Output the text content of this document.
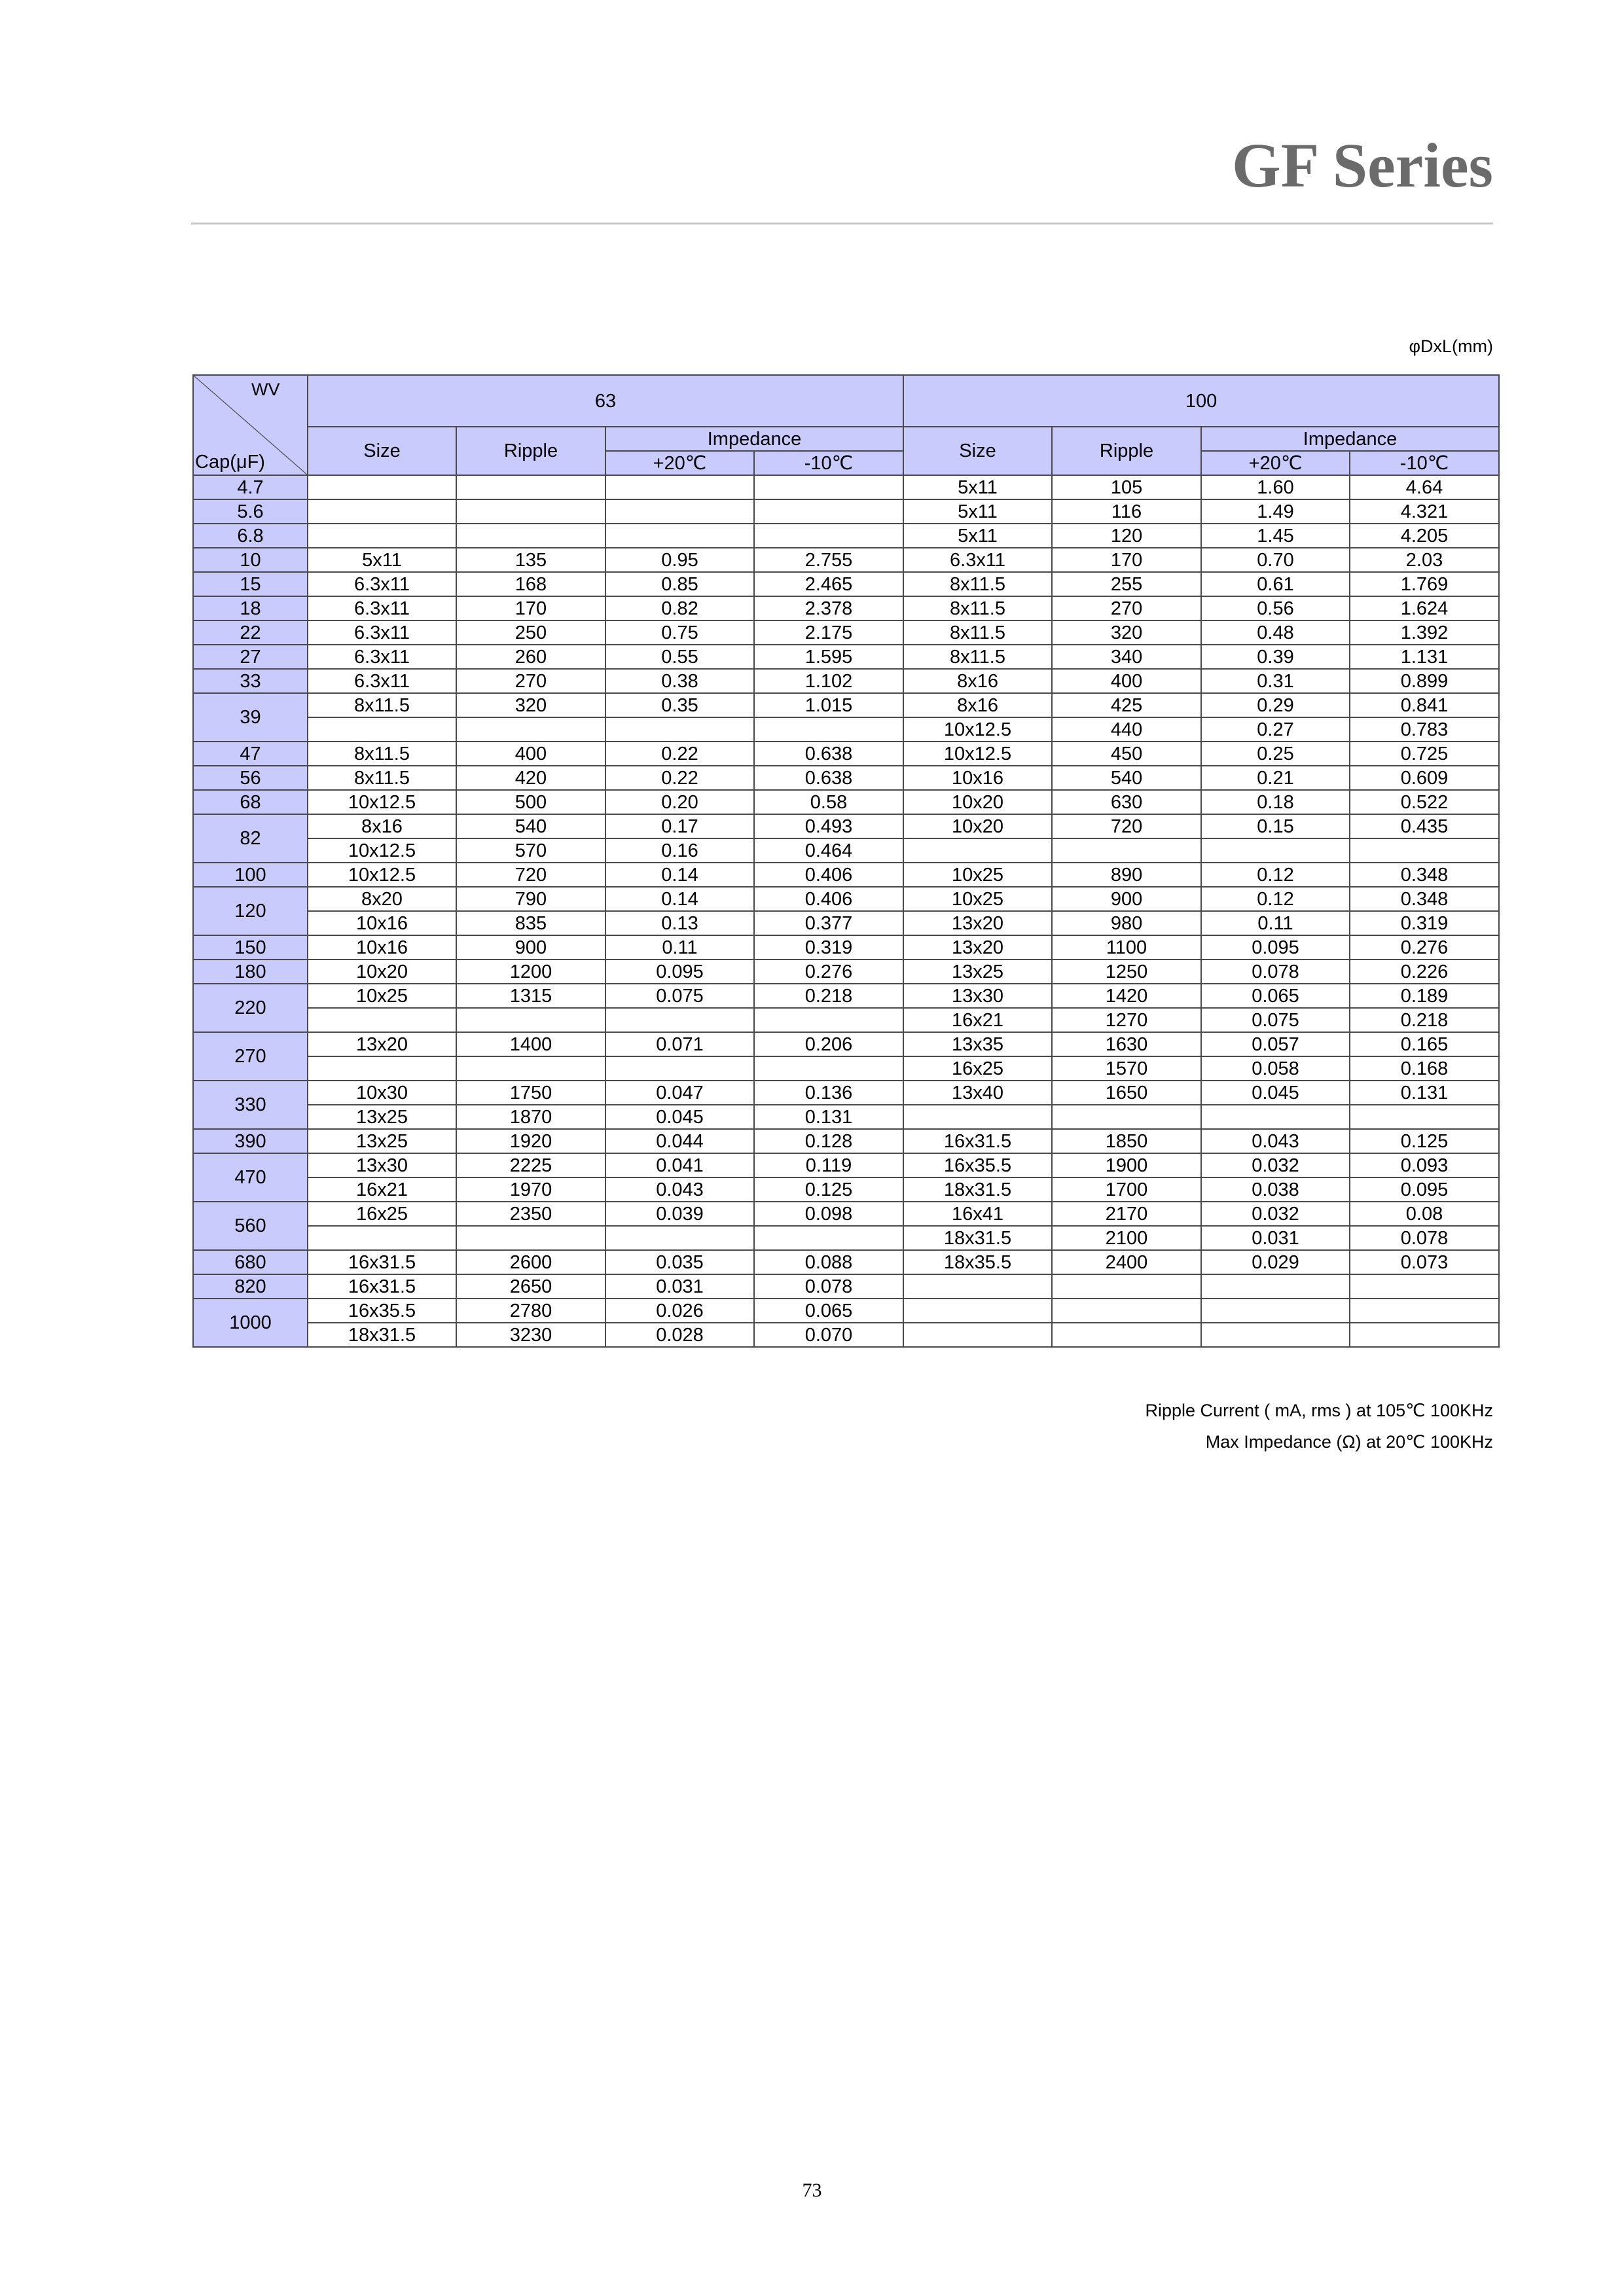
GF Series
φDxL(mm)
WV
Cap(μF)	63				100			
	Size	Ripple	Impedance		Size	Ripple	Impedance	
			+20℃	-10℃			+20℃	-10℃
4.7					5x11	105	1.60	4.64
5.6					5x11	116	1.49	4.321
6.8					5x11	120	1.45	4.205
10	5x11	135	0.95	2.755	6.3x11	170	0.70	2.03
15	6.3x11	168	0.85	2.465	8x11.5	255	0.61	1.769
18	6.3x11	170	0.82	2.378	8x11.5	270	0.56	1.624
22	6.3x11	250	0.75	2.175	8x11.5	320	0.48	1.392
27	6.3x11	260	0.55	1.595	8x11.5	340	0.39	1.131
33	6.3x11	270	0.38	1.102	8x16	400	0.31	0.899
39	8x11.5	320	0.35	1.015	8x16	425	0.29	0.841
					10x12.5	440	0.27	0.783
47	8x11.5	400	0.22	0.638	10x12.5	450	0.25	0.725
56	8x11.5	420	0.22	0.638	10x16	540	0.21	0.609
68	10x12.5	500	0.20	0.58	10x20	630	0.18	0.522
82	8x16	540	0.17	0.493	10x20	720	0.15	0.435
	10x12.5	570	0.16	0.464				
100	10x12.5	720	0.14	0.406	10x25	890	0.12	0.348
120	8x20	790	0.14	0.406	10x25	900	0.12	0.348
	10x16	835	0.13	0.377	13x20	980	0.11	0.319
150	10x16	900	0.11	0.319	13x20	1100	0.095	0.276
180	10x20	1200	0.095	0.276	13x25	1250	0.078	0.226
220	10x25	1315	0.075	0.218	13x30	1420	0.065	0.189
					16x21	1270	0.075	0.218
270	13x20	1400	0.071	0.206	13x35	1630	0.057	0.165
					16x25	1570	0.058	0.168
330	10x30	1750	0.047	0.136	13x40	1650	0.045	0.131
	13x25	1870	0.045	0.131				
390	13x25	1920	0.044	0.128	16x31.5	1850	0.043	0.125
470	13x30	2225	0.041	0.119	16x35.5	1900	0.032	0.093
	16x21	1970	0.043	0.125	18x31.5	1700	0.038	0.095
560	16x25	2350	0.039	0.098	16x41	2170	0.032	0.08
					18x31.5	2100	0.031	0.078
680	16x31.5	2600	0.035	0.088	18x35.5	2400	0.029	0.073
820	16x31.5	2650	0.031	0.078				
1000	16x35.5	2780	0.026	0.065				
	18x31.5	3230	0.028	0.070				
Ripple Current ( mA, rms ) at 105℃ 100KHz
Max Impedance (Ω) at 20℃ 100KHz
73
